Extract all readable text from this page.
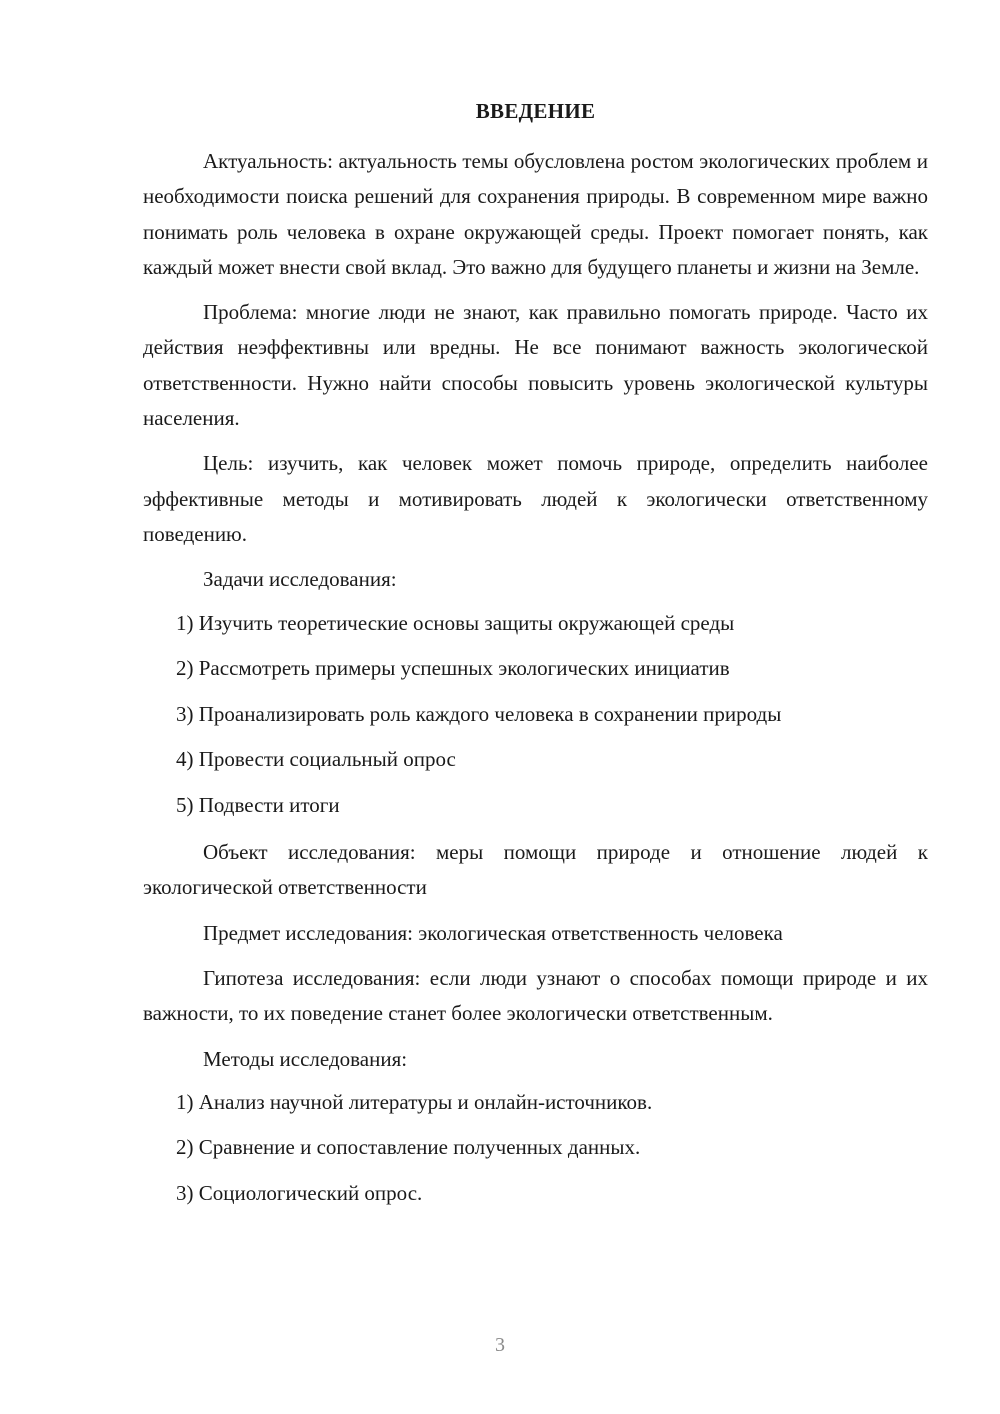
ВВЕДЕНИЕ

Актуальность: актуальность темы обусловлена ростом экологических проблем и необходимости поиска решений для сохранения природы. В современном мире важно понимать роль человека в охране окружающей среды. Проект помогает понять, как каждый может внести свой вклад. Это важно для будущего планеты и жизни на Земле.

Проблема: многие люди не знают, как правильно помогать природе. Часто их действия неэффективны или вредны. Не все понимают важность экологической ответственности. Нужно найти способы повысить уровень экологической культуры населения.

Цель: изучить, как человек может помочь природе, определить наиболее эффективные методы и мотивировать людей к экологически ответственному поведению.

Задачи исследования:

1) Изучить теоретические основы защиты окружающей среды
2) Рассмотреть примеры успешных экологических инициатив
3) Проанализировать роль каждого человека в сохранении природы
4) Провести социальный опрос
5) Подвести итоги

Объект исследования: меры помощи природе и отношение людей к экологической ответственности

Предмет исследования: экологическая ответственность человека

Гипотеза исследования: если люди узнают о способах помощи природе и их важности, то их поведение станет более экологически ответственным.

Методы исследования:

1) Анализ научной литературы и онлайн-источников.
2) Сравнение и сопоставление полученных данных.
3) Социологический опрос.
3
